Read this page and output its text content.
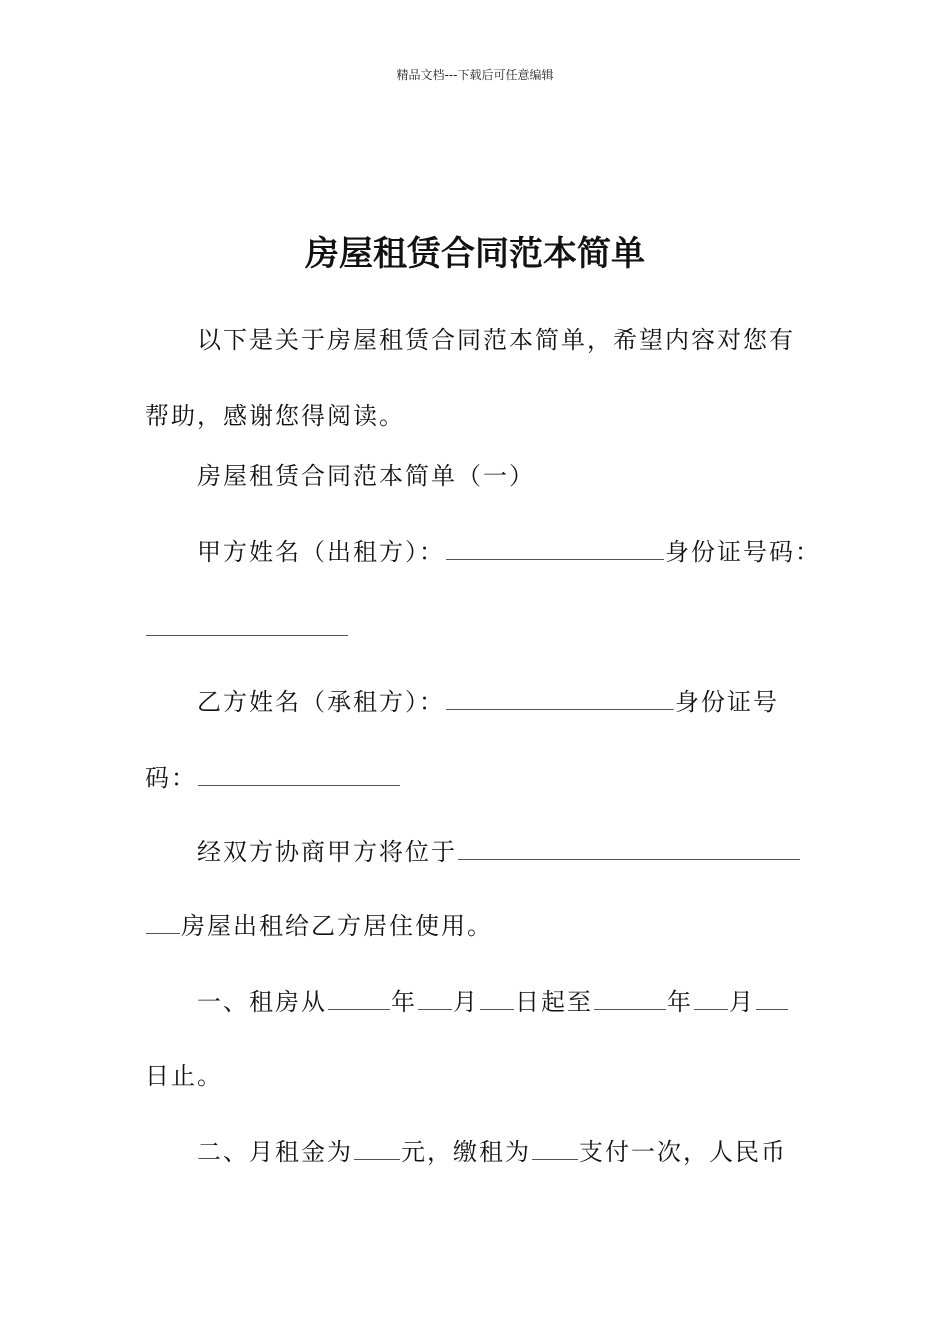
精品文档---下载后可任意编辑
房屋租赁合同范本简单
以下是关于房屋租赁合同范本简单，希望内容对您有
帮助，感谢您得阅读。
房屋租赁合同范本简单（一）
甲方姓名（出租方）：	身份证号码：
乙方姓名（承租方）：	身份证号
码：
经双方协商甲方将位于
房屋出租给乙方居住使用。
一、租房从	年 月 日起至	年 月
日止。
二、月租金为 元，缴租为 支付一次，人民币
